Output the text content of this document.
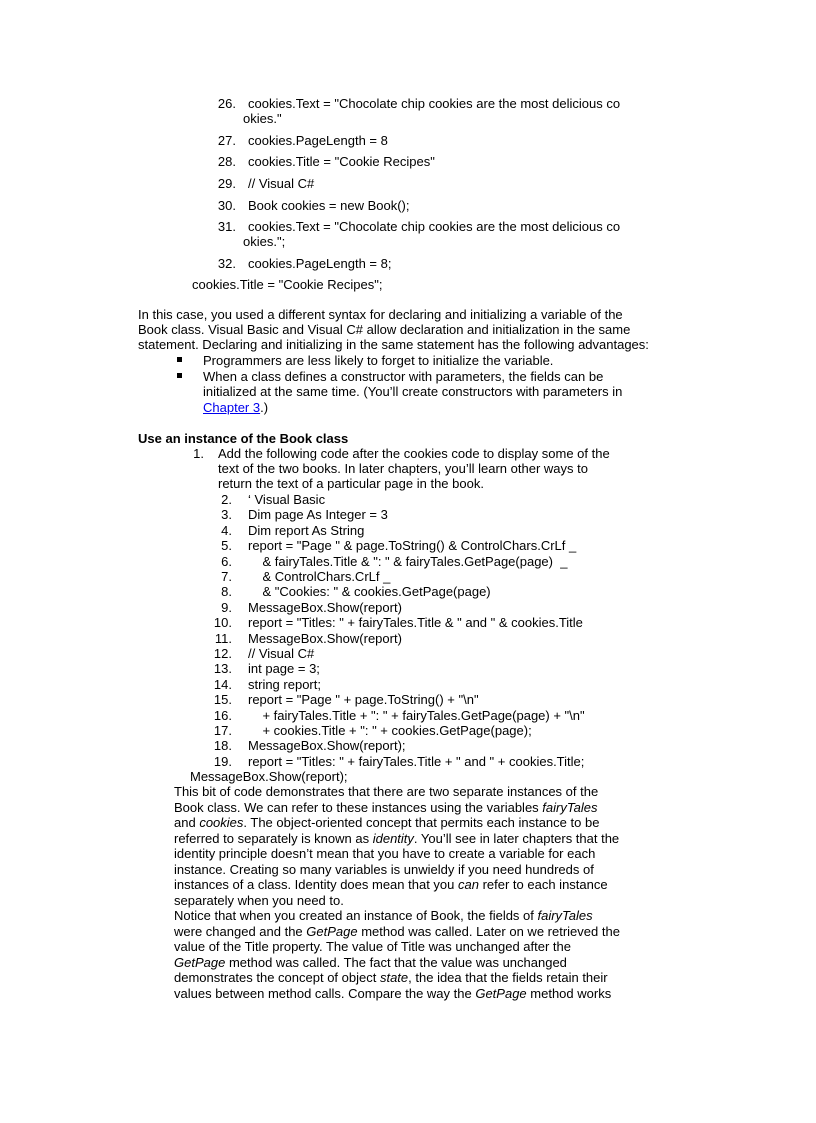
26. cookies.Text = "Chocolate chip cookies are the most delicious co
okies."
27. cookies.PageLength = 8
28. cookies.Title = "Cookie Recipes"
29. // Visual C#
30. Book cookies = new Book();
31. cookies.Text = "Chocolate chip cookies are the most delicious co
okies.";
32. cookies.PageLength = 8;
cookies.Title = "Cookie Recipes";
In this case, you used a different syntax for declaring and initializing a variable of the
Book class. Visual Basic and Visual C# allow declaration and initialization in the same
statement. Declaring and initializing in the same statement has the following advantages:
Programmers are less likely to forget to initialize the variable.
When a class defines a constructor with parameters, the fields can be
initialized at the same time. (You’ll create constructors with parameters in
Chapter 3.)
Use an instance of the Book class
1. Add the following code after the cookies code to display some of the
text of the two books. In later chapters, you’ll learn other ways to
return the text of a particular page in the book.
2. ‘ Visual Basic
3. Dim page As Integer = 3
4. Dim report As String
5. report = "Page " & page.ToString() & ControlChars.CrLf _
6. & fairyTales.Title & ": " & fairyTales.GetPage(page)  _
7. & ControlChars.CrLf _
8. & "Cookies: " & cookies.GetPage(page)
9. MessageBox.Show(report)
10. report = "Titles: " + fairyTales.Title & " and " & cookies.Title
11. MessageBox.Show(report)
12. // Visual C#
13. int page = 3;
14. string report;
15. report = "Page " + page.ToString() + "\n"
16. + fairyTales.Title + ": " + fairyTales.GetPage(page) + "\n"
17. + cookies.Title + ": " + cookies.GetPage(page);
18. MessageBox.Show(report);
19. report = "Titles: " + fairyTales.Title + " and " + cookies.Title;
MessageBox.Show(report);
This bit of code demonstrates that there are two separate instances of the
Book class. We can refer to these instances using the variables fairyTales
and cookies. The object-oriented concept that permits each instance to be
referred to separately is known as identity. You’ll see in later chapters that the
identity principle doesn’t mean that you have to create a variable for each
instance. Creating so many variables is unwieldy if you need hundreds of
instances of a class. Identity does mean that you can refer to each instance
separately when you need to.
Notice that when you created an instance of Book, the fields of fairyTales
were changed and the GetPage method was called. Later on we retrieved the
value of the Title property. The value of Title was unchanged after the
GetPage method was called. The fact that the value was unchanged
demonstrates the concept of object state, the idea that the fields retain their
values between method calls. Compare the way the GetPage method works
